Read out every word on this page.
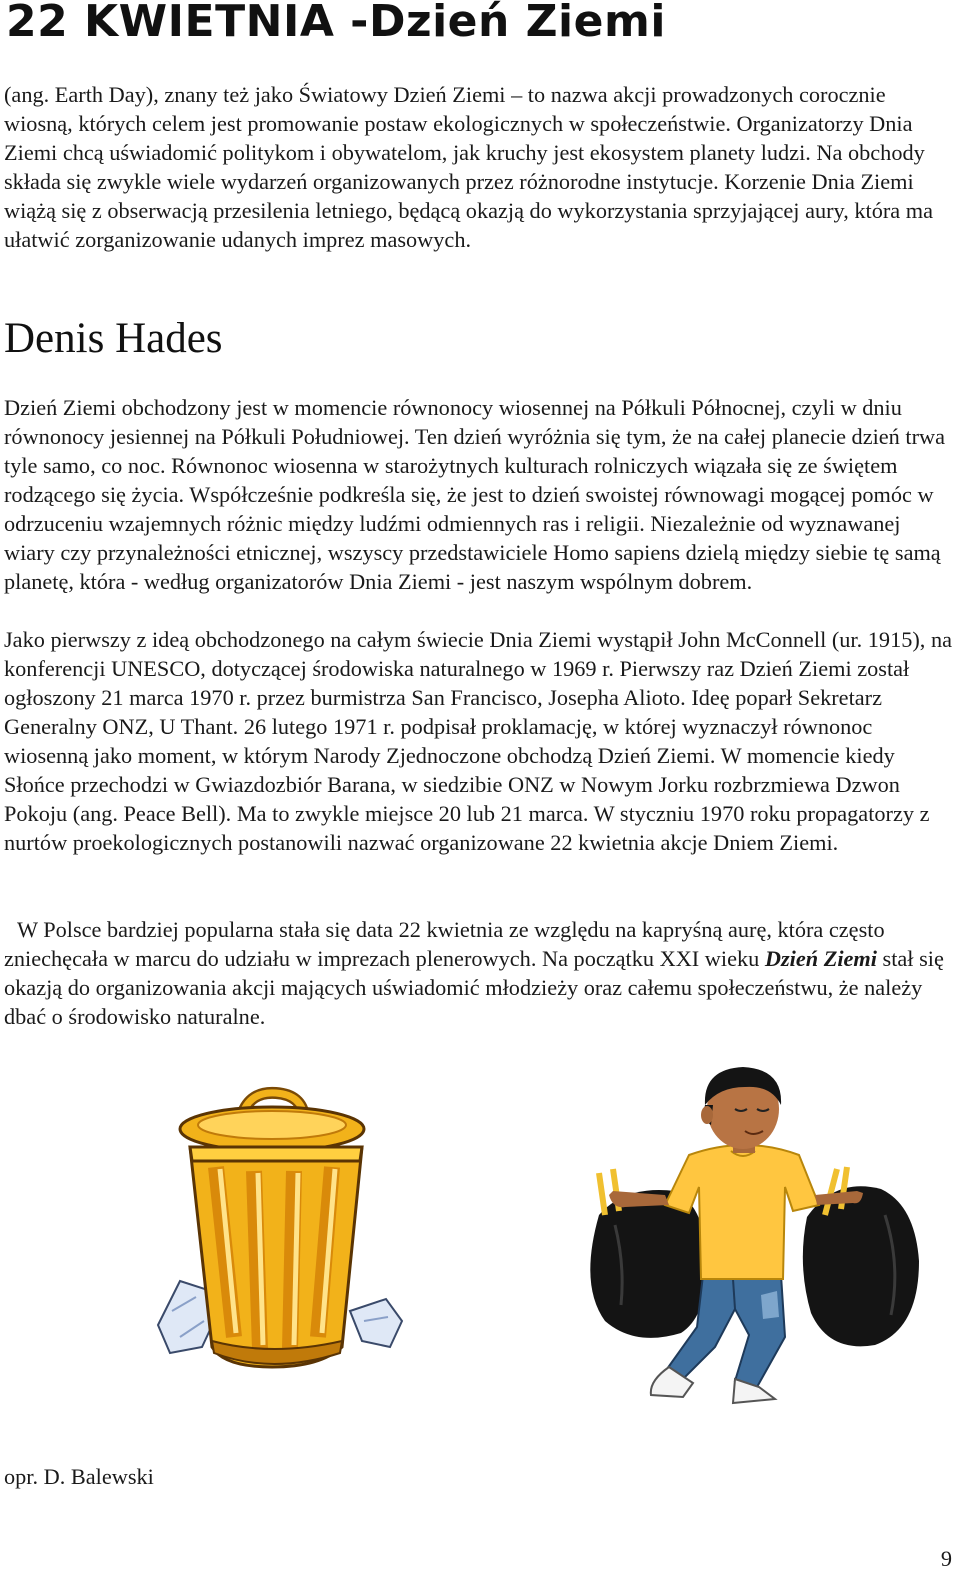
22 KWIETNIA -Dzień Ziemi

(ang. Earth Day), znany też jako Światowy Dzień Ziemi – to nazwa akcji prowadzonych corocznie wiosną, których celem jest promowanie postaw ekologicznych w społeczeństwie. Organizatorzy Dnia Ziemi chcą uświadomić politykom i obywatelom, jak kruchy jest ekosystem planety ludzi. Na obchody składa się zwykle wiele wydarzeń organizowanych przez różnorodne instytucje. Korzenie Dnia Ziemi wiążą się z obserwacją przesilenia letniego, będącą okazją do wykorzystania sprzyjającej aury, która ma ułatwić zorganizowanie udanych imprez masowych.

Denis Hades

Dzień Ziemi obchodzony jest w momencie równonocy wiosennej na Półkuli Północnej, czyli w dniu równonocy jesiennej na Półkuli Południowej. Ten dzień wyróżnia się tym, że na całej planecie dzień trwa tyle samo, co noc. Równonoc wiosenna w starożytnych kulturach rolniczych wiązała się ze świętem rodzącego się życia. Współcześnie podkreśla się, że jest to dzień swoistej równowagi mogącej pomóc w odrzuceniu wzajemnych różnic między ludźmi odmiennych ras i religii. Niezależnie od wyznawanej wiary czy przynależności etnicznej, wszyscy przedstawiciele Homo sapiens dzielą między siebie tę samą planetę, która - według organizatorów Dnia Ziemi - jest naszym wspólnym dobrem.

Jako pierwszy z ideą obchodzonego na całym świecie Dnia Ziemi wystąpił John McConnell (ur. 1915), na konferencji UNESCO, dotyczącej środowiska naturalnego w 1969 r. Pierwszy raz Dzień Ziemi został ogłoszony 21 marca 1970 r. przez burmistrza San Francisco, Josepha Alioto. Ideę poparł Sekretarz Generalny ONZ, U Thant. 26 lutego 1971 r. podpisał proklamację, w której wyznaczył równonoc wiosenną jako moment, w którym Narody Zjednoczone obchodzą Dzień Ziemi. W momencie kiedy Słońce przechodzi w Gwiazdozbiór Barana, w siedzibie ONZ w Nowym Jorku rozbrzmiewa Dzwon Pokoju (ang. Peace Bell). Ma to zwykle miejsce 20 lub 21 marca. W styczniu 1970 roku propagatorzy z nurtów proekologicznych postanowili nazwać organizowane 22 kwietnia akcje Dniem Ziemi.

W Polsce bardziej popularna stała się data 22 kwietnia ze względu na kapryśną aurę, która często zniechęcała w marcu do udziału w imprezach plenerowych. Na początku XXI wieku Dzień Ziemi stał się okazją do organizowania akcji mających uświadomić młodzieży oraz całemu społeczeństwu, że należy dbać o środowisko naturalne.

opr. D. Balewski

9
